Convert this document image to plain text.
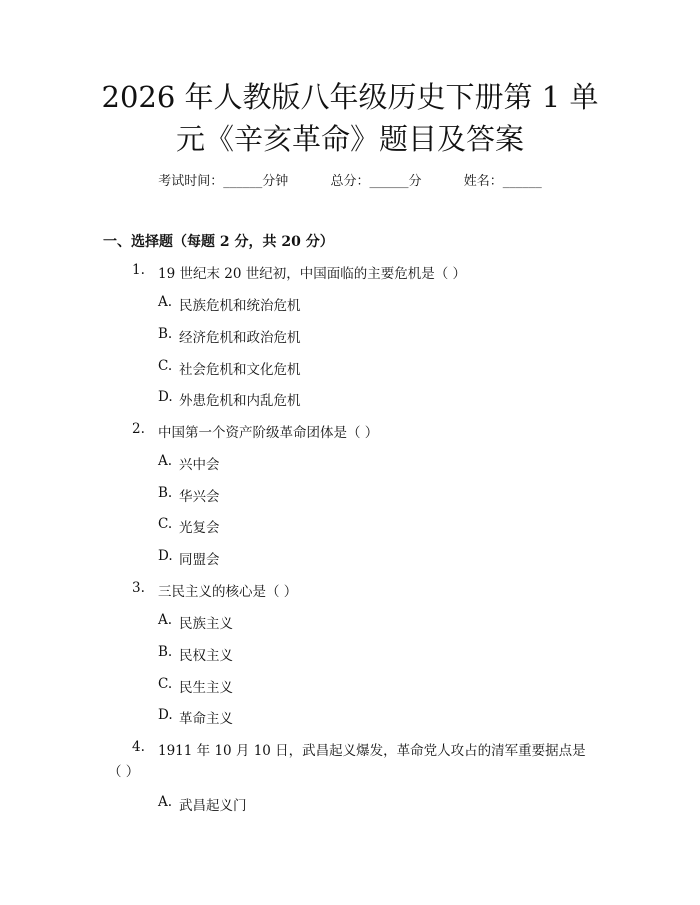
2026 年人教版八年级历史下册第 1 单元《辛亥革命》题目及答案
考试时间：______分钟	总分：______分	姓名：______
一、选择题（每题 2 分，共 20 分）
1. 19 世纪末 20 世纪初，中国面临的主要危机是（ ）
A. 民族危机和统治危机
B. 经济危机和政治危机
C. 社会危机和文化危机
D. 外患危机和内乱危机
2. 中国第一个资产阶级革命团体是（ ）
A. 兴中会
B. 华兴会
C. 光复会
D. 同盟会
3. 三民主义的核心是（ ）
A. 民族主义
B. 民权主义
C. 民生主义
D. 革命主义
4. 1911 年 10 月 10 日，武昌起义爆发，革命党人攻占的清军重要据点是
（ ）
A. 武昌起义门
